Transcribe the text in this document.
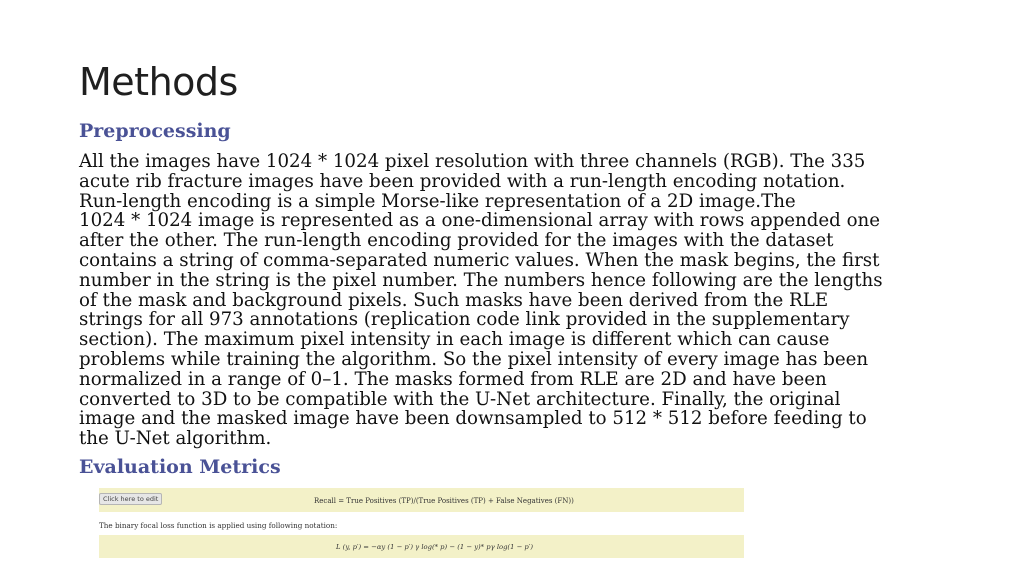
Methods
Preprocessing
All the images have 1024 * 1024 pixel resolution with three channels (RGB). The 335
acute rib fracture images have been provided with a run-length encoding notation.
Run-length encoding is a simple Morse-like representation of a 2D image.The
1024 * 1024 image is represented as a one-dimensional array with rows appended one
after the other. The run-length encoding provided for the images with the dataset
contains a string of comma-separated numeric values. When the mask begins, the first
number in the string is the pixel number. The numbers hence following are the lengths
of the mask and background pixels. Such masks have been derived from the RLE
strings for all 973 annotations (replication code link provided in the supplementary
section). The maximum pixel intensity in each image is different which can cause
problems while training the algorithm. So the pixel intensity of every image has been
normalized in a range of 0–1. The masks formed from RLE are 2D and have been
converted to 3D to be compatible with the U-Net architecture. Finally, the original
image and the masked image have been downsampled to 512 * 512 before feeding to
the U-Net algorithm.
Evaluation Metrics
Click here to edit	Recall = True Positives (TP)/(True Positives (TP) + False Negatives (FN))
The binary focal loss function is applied using following notation:
L (y, p′) = −αy (1 − p′) γ log(* p) − (1 − y)* pγ log(1 − p′)
